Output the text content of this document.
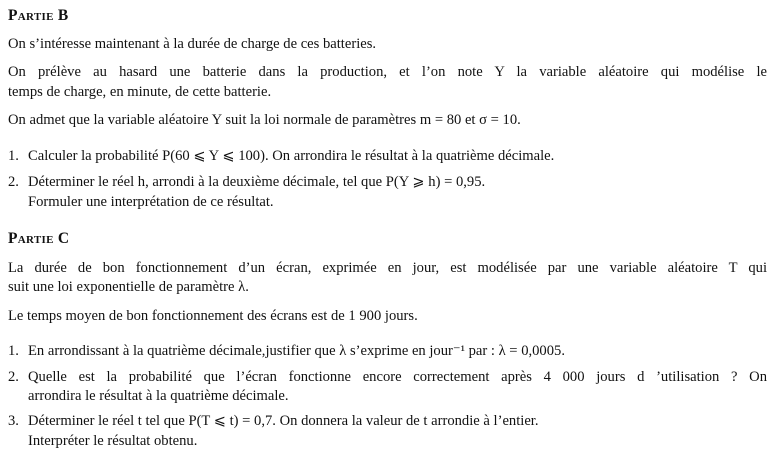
Partie B
On s’intéresse maintenant à la durée de charge de ces batteries.
On prélève au hasard une batterie dans la production, et l’on note Y la variable aléatoire qui modélise le
temps de charge, en minute, de cette batterie.
On admet que la variable aléatoire Y suit la loi normale de paramètres m = 80 et σ = 10.
1. Calculer la probabilité P(60 ⩽ Y ⩽ 100). On arrondira le résultat à la quatrième décimale.
2. Déterminer le réel h, arrondi à la deuxième décimale, tel que P(Y ⩾ h) = 0,95.
Formuler une interprétation de ce résultat.
Partie C
La durée de bon fonctionnement d’un écran, exprimée en jour, est modélisée par une variable aléatoire T qui
suit une loi exponentielle de paramètre λ.
Le temps moyen de bon fonctionnement des écrans est de 1 900 jours.
1. En arrondissant à la quatrième décimale,justifier que λ s’exprime en jour⁻¹ par : λ = 0,0005.
2. Quelle est la probabilité que l’écran fonctionne encore correctement après 4 000 jours d ’utilisation ? On
arrondira le résultat à la quatrième décimale.
3. Déterminer le réel t tel que P(T ⩽ t) = 0,7. On donnera la valeur de t arrondie à l’entier.
Interpréter le résultat obtenu.
